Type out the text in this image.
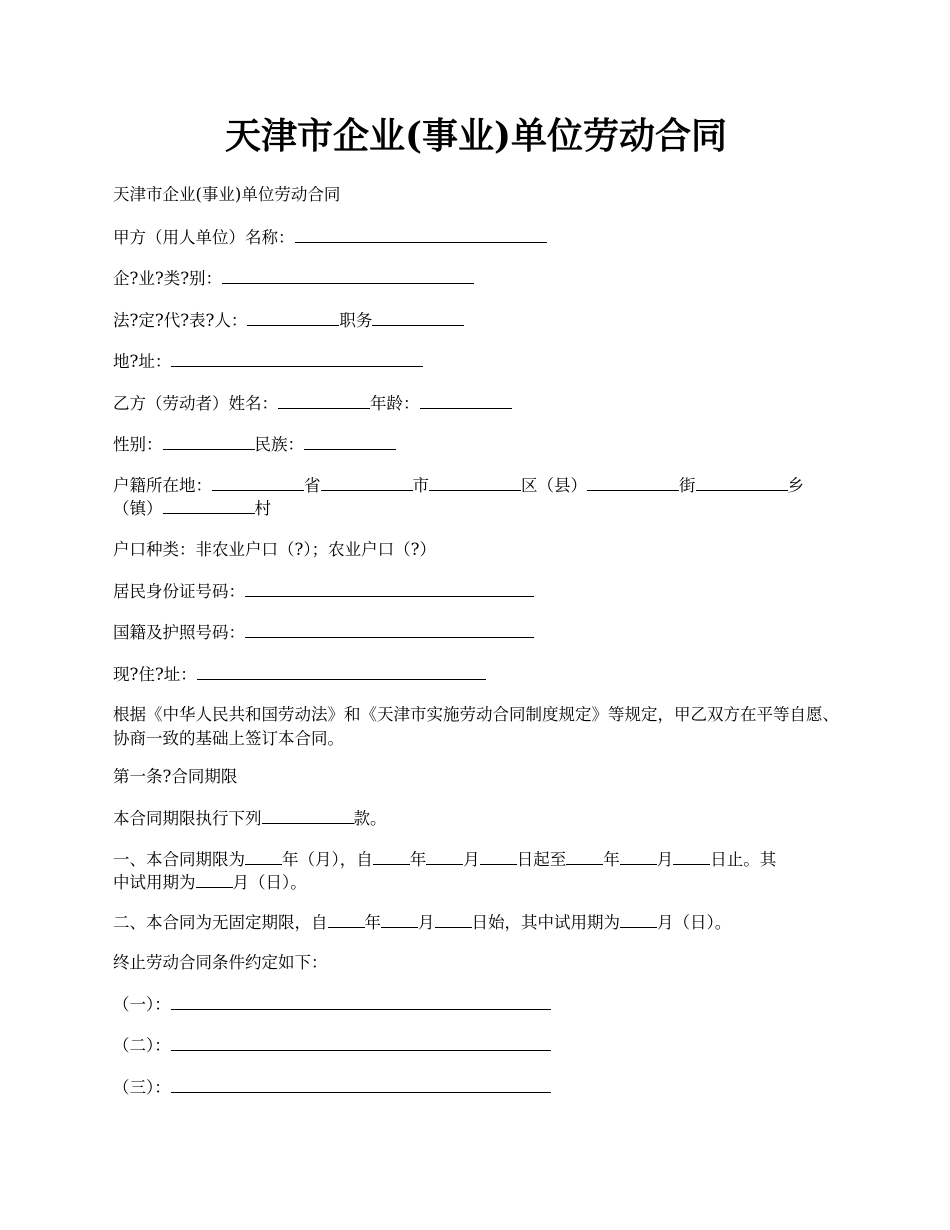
天津市企业(事业)单位劳动合同
天津市企业(事业)单位劳动合同
甲方（用人单位）名称：
企?业?类?别：
法?定?代?表?人：	职务
地?址：
乙方（劳动者）姓名：	年龄：
性别：	民族：
户籍所在地：	省	市	区（县）	街	乡
（镇）	村
户口种类：非农业户口（?）；农业户口（?）
居民身份证号码：
国籍及护照号码：
现?住?址：
根据《中华人民共和国劳动法》和《天津市实施劳动合同制度规定》等规定，甲乙双方在平等自愿、协商一致的基础上签订本合同。
第一条?合同期限
本合同期限执行下列	款。
一、本合同期限为 年（月），自 年 月 日起至 年 月 日止。其
中试用期为 月（日）。
二、本合同为无固定期限，自 年 月 日始，其中试用期为 月（日）。
终止劳动合同条件约定如下：
（一）：
（二）：
（三）：
